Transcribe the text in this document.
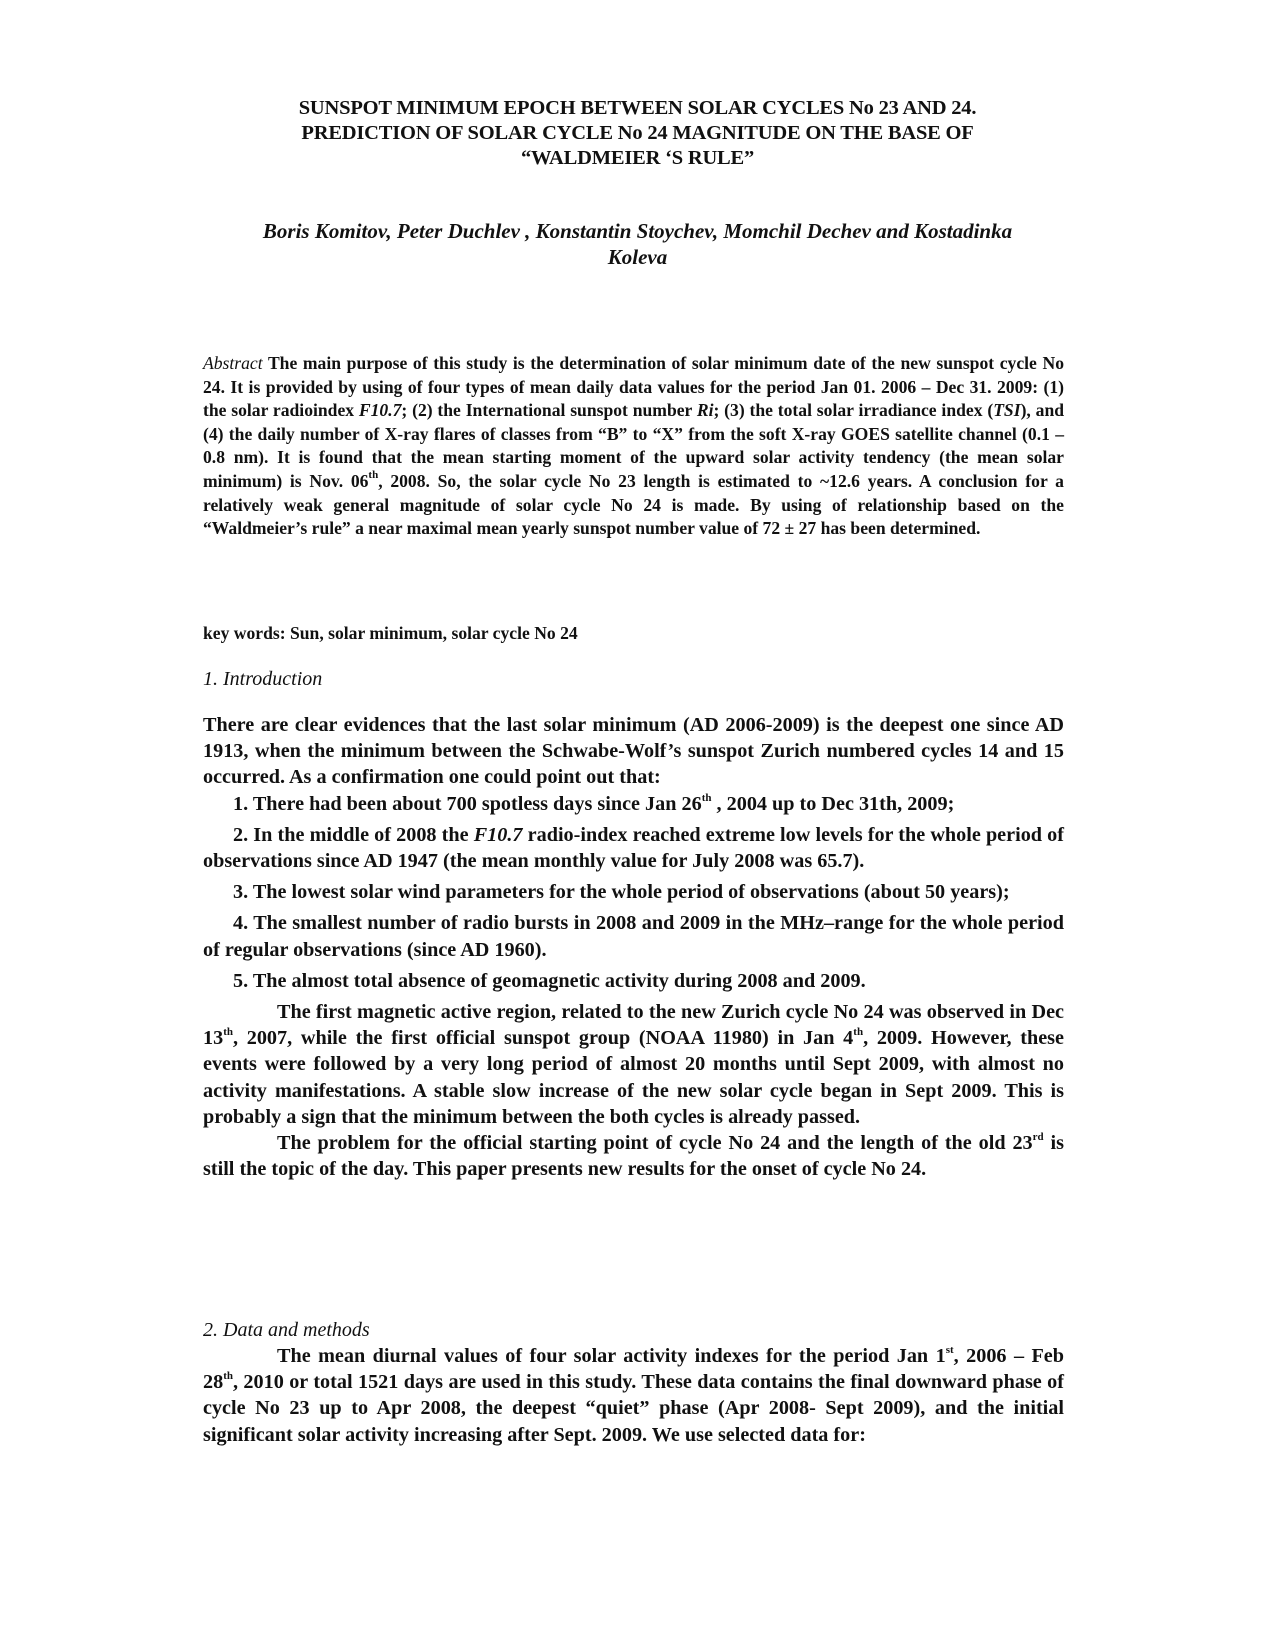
SUNSPOT MINIMUM EPOCH BETWEEN SOLAR CYCLES No 23 AND 24.
PREDICTION OF SOLAR CYCLE No 24 MAGNITUDE ON THE BASE OF
“WALDMEIER ‘S RULE”
Boris Komitov, Peter Duchlev , Konstantin Stoychev, Momchil Dechev and Kostadinka
Koleva
Abstract The main purpose of this study is the determination of solar minimum date of the new sunspot cycle No 24. It is provided by using of four types of mean daily data values for the period Jan 01. 2006 – Dec 31. 2009: (1) the solar radioindex F10.7; (2) the International sunspot number Ri; (3) the total solar irradiance index (TSI), and (4) the daily number of X-ray flares of classes from “B” to “X” from the soft X-ray GOES satellite channel (0.1 – 0.8 nm). It is found that the mean starting moment of the upward solar activity tendency (the mean solar minimum) is Nov. 06th, 2008. So, the solar cycle No 23 length is estimated to ~12.6 years. A conclusion for a relatively weak general magnitude of solar cycle No 24 is made. By using of relationship based on the “Waldmeier’s rule” a near maximal mean yearly sunspot number value of 72 ± 27 has been determined.
key words: Sun, solar minimum, solar cycle No 24
1. Introduction

There are clear evidences that the last solar minimum (AD 2006-2009) is the deepest one since AD 1913, when the minimum between the Schwabe-Wolf’s sunspot Zurich numbered cycles 14 and 15 occurred. As a confirmation one could point out that:

1. There had been about 700 spotless days since Jan 26th , 2004 up to Dec 31th, 2009;

2. In the middle of 2008 the F10.7 radio-index reached extreme low levels for the whole period of observations since AD 1947 (the mean monthly value for July 2008 was 65.7).

3. The lowest solar wind parameters for the whole period of observations (about 50 years);

4. The smallest number of radio bursts in 2008 and 2009 in the MHz–range for the whole period of regular observations (since AD 1960).

5. The almost total absence of geomagnetic activity during 2008 and 2009.

The first magnetic active region, related to the new Zurich cycle No 24 was observed in Dec 13th, 2007, while the first official sunspot group (NOAA 11980) in Jan 4th, 2009. However, these events were followed by a very long period of almost 20 months until Sept 2009, with almost no activity manifestations. A stable slow increase of the new solar cycle began in Sept 2009. This is probably a sign that the minimum between the both cycles is already passed.

The problem for the official starting point of cycle No 24 and the length of the old 23rd is still the topic of the day. This paper presents new results for the onset of cycle No 24.

2. Data and methods

The mean diurnal values of four solar activity indexes for the period Jan 1st, 2006 – Feb 28th, 2010 or total 1521 days are used in this study. These data contains the final downward phase of cycle No 23 up to Apr 2008, the deepest “quiet” phase (Apr 2008- Sept 2009), and the initial significant solar activity increasing after Sept. 2009. We use selected data for:
